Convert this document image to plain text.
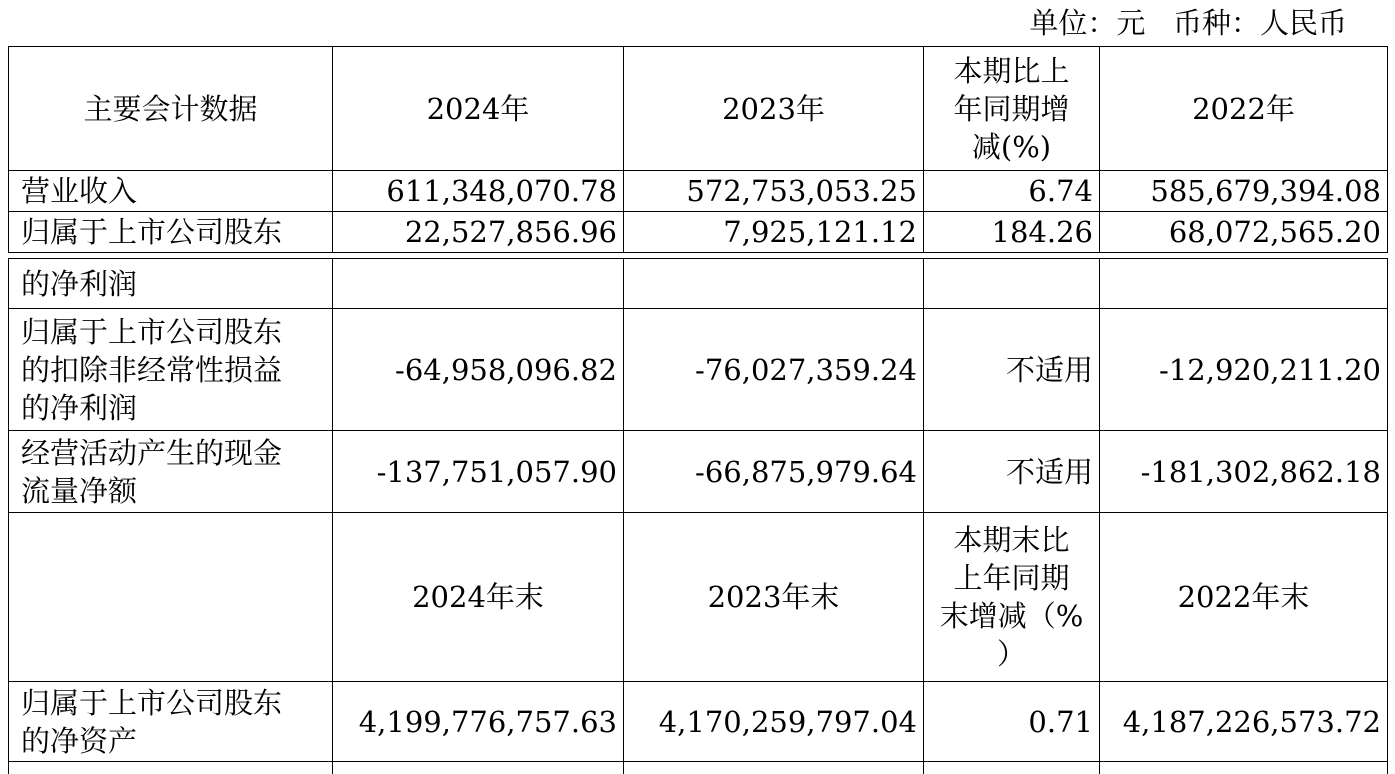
单位：元   币种：人民币
主要会计数据	2024年	2023年	本期比上
年同期增
减(%)	2022年
营业收入	611,348,070.78	572,753,053.25	6.74	585,679,394.08
归属于上市公司股东	22,527,856.96	7,925,121.12	184.26	68,072,565.20
的净利润				
归属于上市公司股东
的扣除非经常性损益
的净利润	-64,958,096.82	-76,027,359.24	不适用	-12,920,211.20
经营活动产生的现金
流量净额	-137,751,057.90	-66,875,979.64	不适用	-181,302,862.18
	2024年末	2023年末	本期末比
上年同期
末增减（%
）	2022年末
归属于上市公司股东
的净资产	4,199,776,757.63	4,170,259,797.04	0.71	4,187,226,573.72
